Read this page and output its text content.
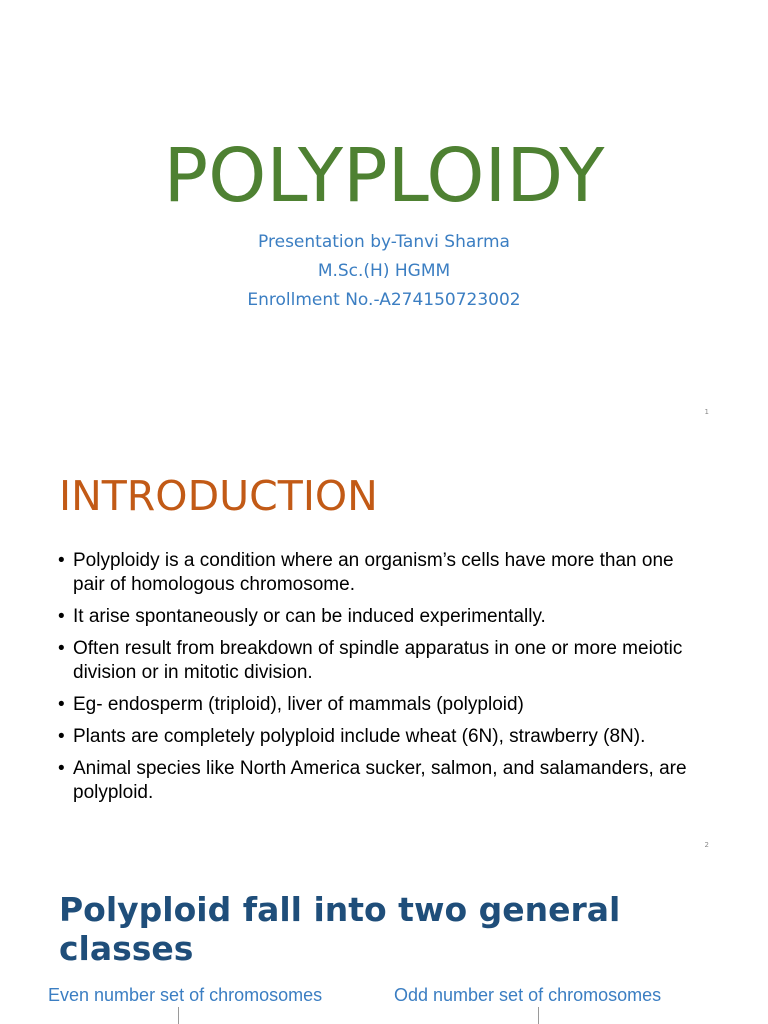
POLYPLOIDY
Presentation by-Tanvi Sharma
M.Sc.(H) HGMM
Enrollment No.-A274150723002
1
INTRODUCTION
• Polyploidy is a condition where an organism’s cells have more than one pair of homologous chromosome.
• It arise spontaneously or can be induced experimentally.
• Often result from breakdown of spindle apparatus in one or more meiotic division or in mitotic division.
• Eg- endosperm (triploid), liver of mammals (polyploid)
• Plants are completely polyploid include wheat (6N), strawberry (8N).
• Animal species like North America sucker, salmon, and salamanders, are polyploid.
2
Polyploid fall into two general classes
Even number set of chromosomes	Odd number set of chromosomes
